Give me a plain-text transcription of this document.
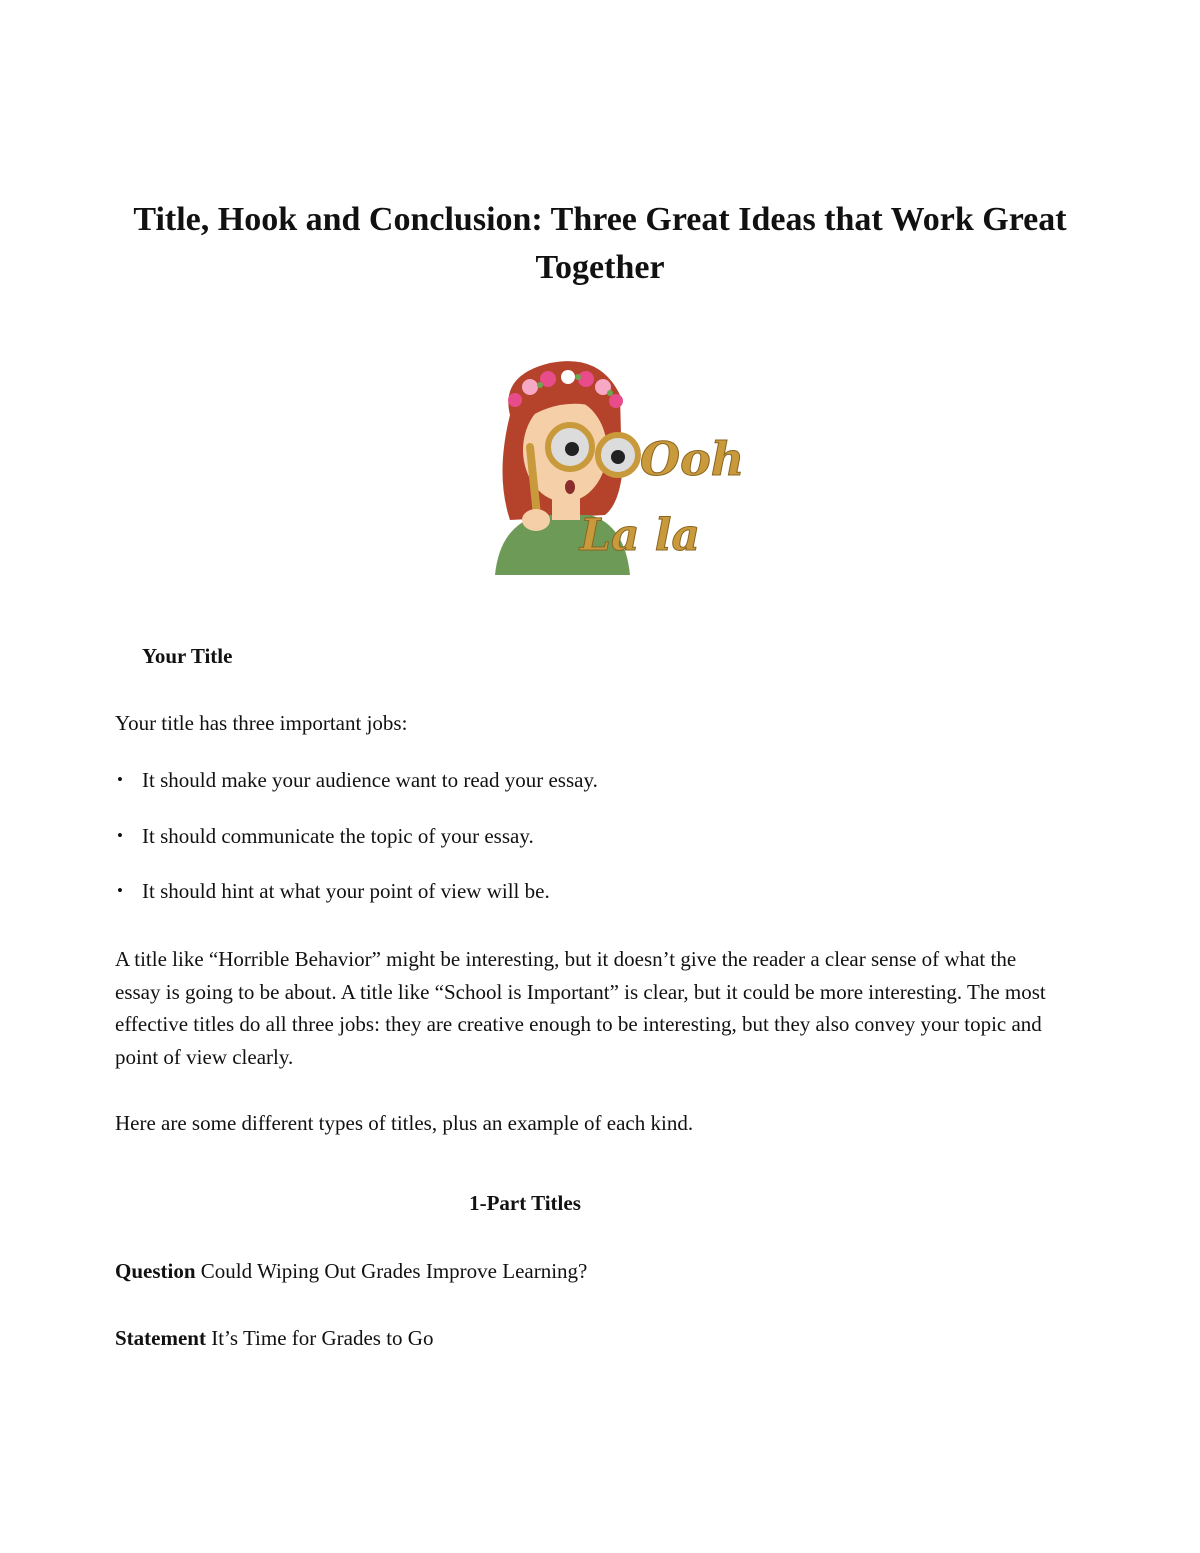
Title, Hook and Conclusion: Three Great Ideas that Work Great Together
Ooh
La la

Your Title

Your title has three important jobs:

• It should make your audience want to read your essay.
• It should communicate the topic of your essay.
• It should hint at what your point of view will be.

A title like “Horrible Behavior” might be interesting, but it doesn’t give the reader a clear sense of what the essay is going to be about. A title like “School is Important” is clear, but it could be more interesting. The most effective titles do all three jobs: they are creative enough to be interesting, but they also convey your topic and point of view clearly.

Here are some different types of titles, plus an example of each kind.

1-Part Titles

Question Could Wiping Out Grades Improve Learning?

Statement It’s Time for Grades to Go
